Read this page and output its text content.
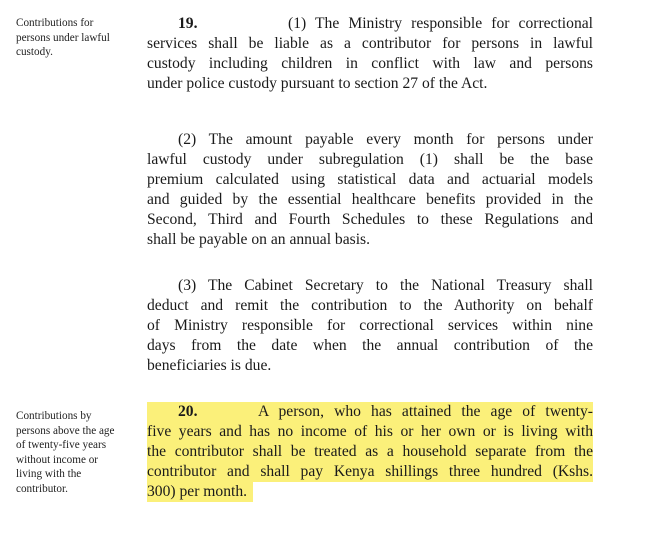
Contributions for
persons under lawful
custody.
19.	(1) The Ministry responsible for correctional
services shall be liable as a contributor for persons in lawful
custody including children in conflict with law and persons
under police custody pursuant to section 27 of the Act.
(2) The amount payable every month for persons under
lawful custody under subregulation (1) shall be the base
premium calculated using statistical data and actuarial models
and guided by the essential healthcare benefits provided in the
Second, Third and Fourth Schedules to these Regulations and
shall be payable on an annual basis.
(3) The Cabinet Secretary to the National Treasury shall
deduct and remit the contribution to the Authority on behalf
of Ministry responsible for correctional services within nine
days from the date when the annual contribution of the
beneficiaries is due.
Contributions by
persons above the age
of twenty-five years
without income or
living with the
contributor.
20.	A person, who has attained the age of twenty-
five years and has no income of his or her own or is living with
the contributor shall be treated as a household separate from the
contributor and shall pay Kenya shillings three hundred (Kshs.
300) per month.
